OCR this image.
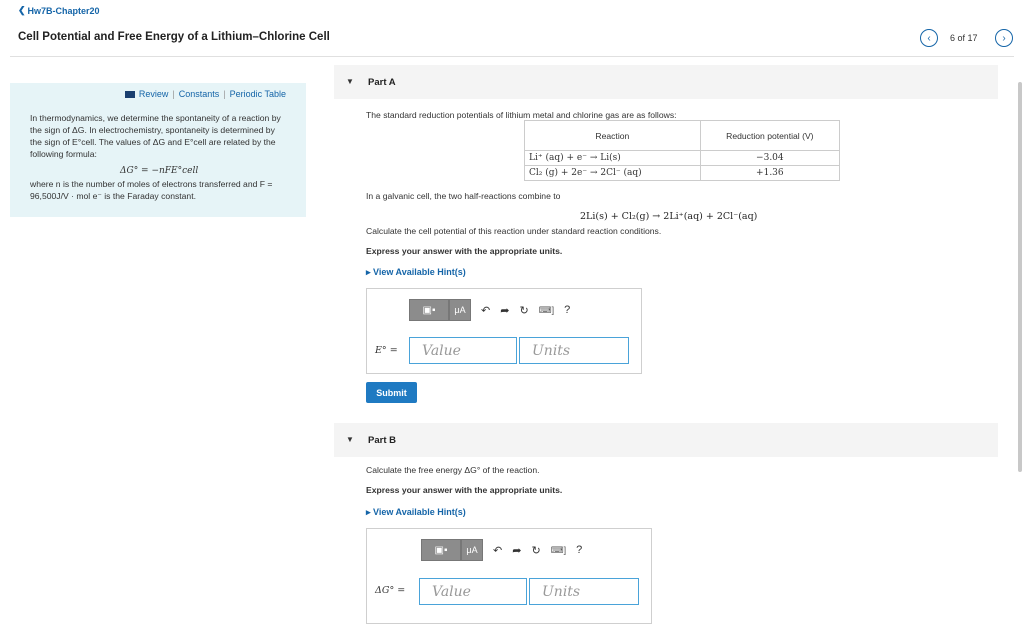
❮ Hw7B-Chapter20
Cell Potential and Free Energy of a Lithium–Chlorine Cell	‹ 6 of 17 ›
Review | Constants | Periodic Table
In thermodynamics, we determine the spontaneity of a reaction by the sign of ΔG. In electrochemistry, spontaneity is determined by the sign of E°cell. The values of ΔG and E°cell are related by the following formula:
ΔG° = −nFE°cell
where n is the number of moles of electrons transferred and F = 96,500J/V · mol e⁻ is the Faraday constant.
▼ Part A
The standard reduction potentials of lithium metal and chlorine gas are as follows:
Reaction	Reduction potential (V)
Li⁺ (aq) + e⁻ → Li(s)	−3.04
Cl₂ (g) + 2e⁻ → 2Cl⁻ (aq)	+1.36
In a galvanic cell, the two half-reactions combine to
2Li(s) + Cl₂(g) → 2Li⁺(aq) + 2Cl⁻(aq)
Calculate the cell potential of this reaction under standard reaction conditions.
Express your answer with the appropriate units.
▸ View Available Hint(s)
▣▪ μA ↶ ➦ ↻ ⌨] ?
E° =	Value	Units
Submit
▼ Part B
Calculate the free energy ΔG° of the reaction.
Express your answer with the appropriate units.
▸ View Available Hint(s)
▣▪ μA ↶ ➦ ↻ ⌨] ?
ΔG° =	Value	Units
